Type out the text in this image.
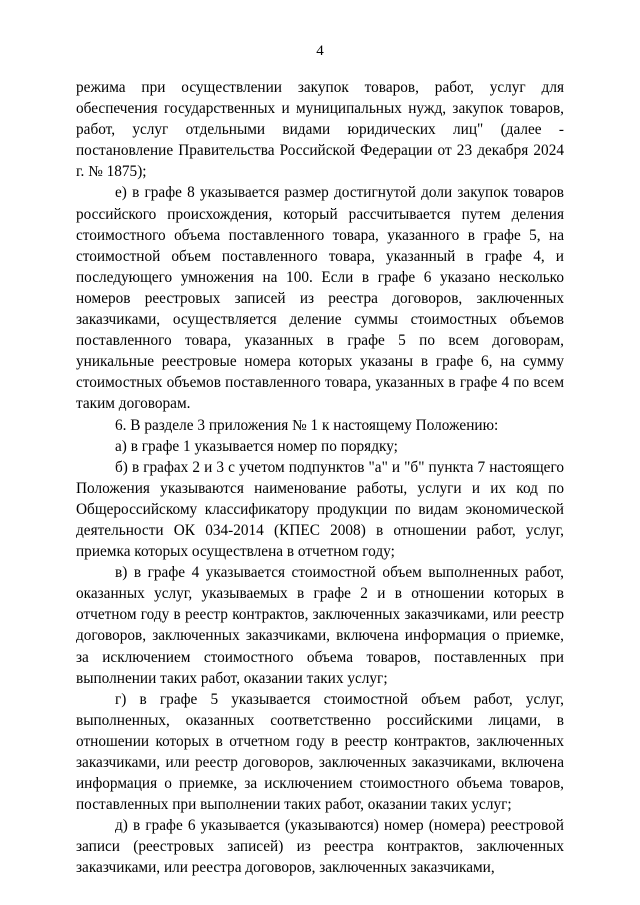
4

режима при осуществлении закупок товаров, работ, услуг для обеспечения государственных и муниципальных нужд, закупок товаров, работ, услуг отдельными видами юридических лиц" (далее - постановление Правительства Российской Федерации от 23 декабря 2024 г. № 1875);

е) в графе 8 указывается размер достигнутой доли закупок товаров российского происхождения, который рассчитывается путем деления стоимостного объема поставленного товара, указанного в графе 5, на стоимостной объем поставленного товара, указанный в графе 4, и последующего умножения на 100. Если в графе 6 указано несколько номеров реестровых записей из реестра договоров, заключенных заказчиками, осуществляется деление суммы стоимостных объемов поставленного товара, указанных в графе 5 по всем договорам, уникальные реестровые номера которых указаны в графе 6, на сумму стоимостных объемов поставленного товара, указанных в графе 4 по всем таким договорам.

6. В разделе 3 приложения № 1 к настоящему Положению:

а) в графе 1 указывается номер по порядку;

б) в графах 2 и 3 с учетом подпунктов "а" и "б" пункта 7 настоящего Положения указываются наименование работы, услуги и их код по Общероссийскому классификатору продукции по видам экономической деятельности ОК 034-2014 (КПЕС 2008) в отношении работ, услуг, приемка которых осуществлена в отчетном году;

в) в графе 4 указывается стоимостной объем выполненных работ, оказанных услуг, указываемых в графе 2 и в отношении которых в отчетном году в реестр контрактов, заключенных заказчиками, или реестр договоров, заключенных заказчиками, включена информация о приемке, за исключением стоимостного объема товаров, поставленных при выполнении таких работ, оказании таких услуг;

г) в графе 5 указывается стоимостной объем работ, услуг, выполненных, оказанных соответственно российскими лицами, в отношении которых в отчетном году в реестр контрактов, заключенных заказчиками, или реестр договоров, заключенных заказчиками, включена информация о приемке, за исключением стоимостного объема товаров, поставленных при выполнении таких работ, оказании таких услуг;

д) в графе 6 указывается (указываются) номер (номера) реестровой записи (реестровых записей) из реестра контрактов, заключенных заказчиками, или реестра договоров, заключенных заказчиками,
